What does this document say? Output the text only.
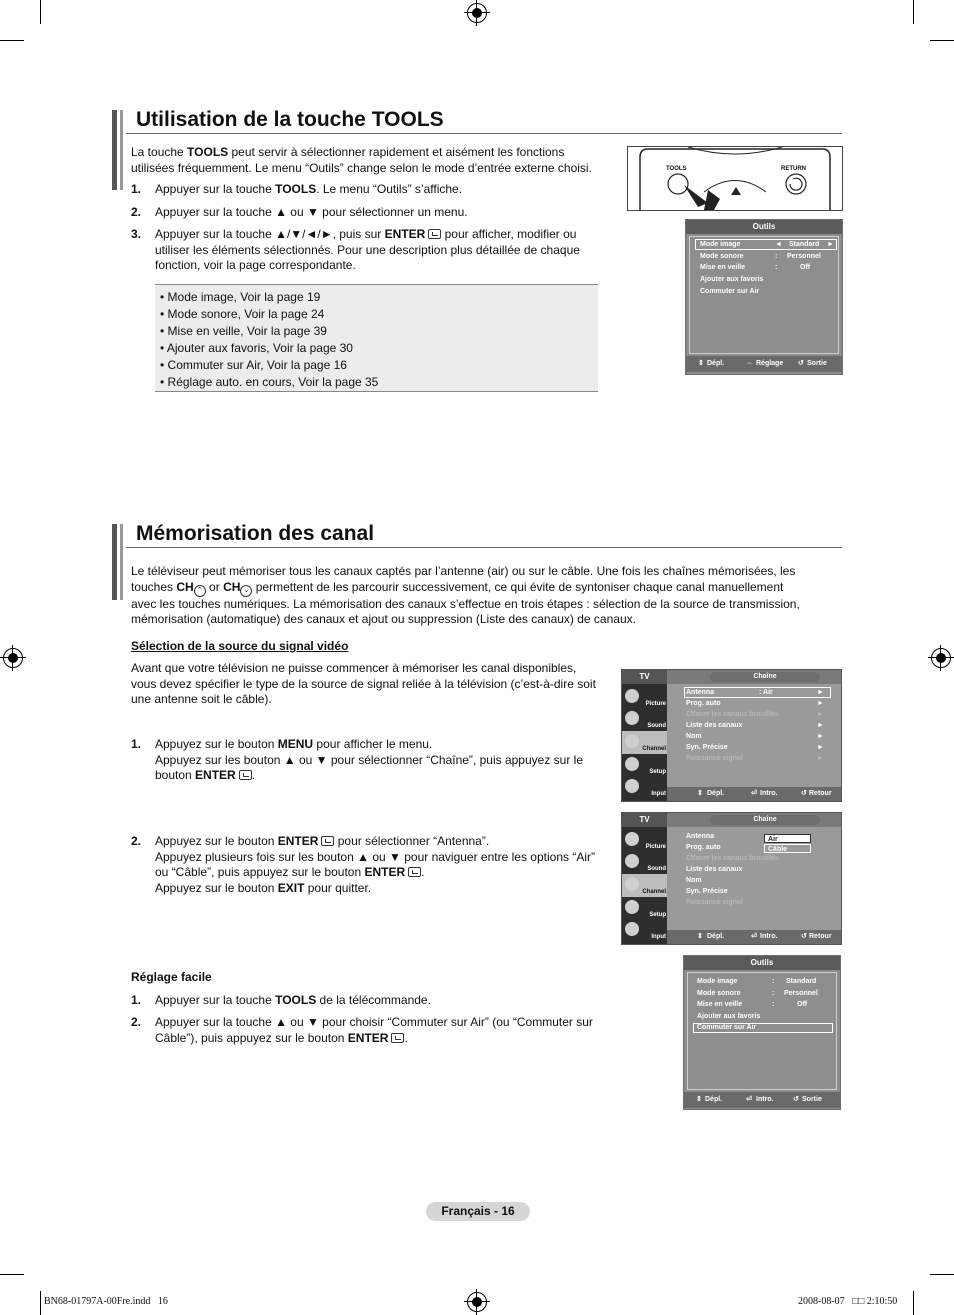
Utilisation de la touche TOOLS
La touche TOOLS peut servir à sélectionner rapidement et aisément les fonctions
utilisées fréquemment. Le menu “Outils” change selon le mode d’entrée externe choisi.
1. Appuyer sur la touche TOOLS. Le menu “Outils” s’affiche.
2. Appuyer sur la touche ▲ ou ▼ pour sélectionner un menu.
3. Appuyer sur la touche ▲/▼/◄/►, puis sur ENTER pour afficher, modifier ou
utiliser les éléments sélectionnés. Pour une description plus détaillée de chaque
fonction, voir la page correspondante.
• Mode image, Voir la page 19
• Mode sonore, Voir la page 24
• Mise en veille, Voir la page 39
• Ajouter aux favoris, Voir la page 30
• Commuter sur Air, Voir la page 16
• Réglage auto. en cours, Voir la page 35
TOOLS	RETURN
Outils
Mode image	◄ Standard ►
Mode sonore	: Personnel
Mise en veille	:	Off
Ajouter aux favoris
Commuter sur Air
⇕ Dépl.	⇔ Réglage ↺ Sortie
Mémorisation des canal
Le téléviseur peut mémoriser tous les canaux captés par l’antenne (air) ou sur le câble. Une fois les chaînes mémorisées, les
touches CH ⌃ or CH ⌄ permettent de les parcourir successivement, ce qui évite de syntoniser chaque canal manuellement
avec les touches numériques. La mémorisation des canaux s’effectue en trois étapes : sélection de la source de transmission,
mémorisation (automatique) des canaux et ajout ou suppression (Liste des canaux) de canaux.
Sélection de la source du signal vidéo
Avant que votre télévision ne puisse commencer à mémoriser les canal disponibles,
vous devez spécifier le type de la source de signal reliée à la télévision (c’est-à-dire soit
une antenne soit le câble).
1. Appuyez sur le bouton MENU pour afficher le menu.
Appuyez sur les bouton ▲ ou ▼ pour sélectionner “Chaîne”, puis appuyez sur le
bouton ENTER .
2. Appuyez sur le bouton ENTER pour sélectionner “Antenna”.
Appuyez plusieurs fois sur les bouton ▲ ou ▼ pour naviguer entre les options “Air”
ou “Câble”, puis appuyez sur le bouton ENTER .
Appuyez sur le bouton EXIT pour quitter.
Réglage facile
1. Appuyer sur la touche TOOLS de la télécommande.
2. Appuyer sur la touche ▲ ou ▼ pour choisir “Commuter sur Air” (ou “Commuter sur
Câble”), puis appuyez sur le bouton ENTER .
TV	Chaîne
Picture
Sound
Channel
Setup
Input
Antenna	: Air	►
Prog. auto	►
Effacer les canaux brouillés	►
Liste des canaux	►
Nom	►
Syn. Précise	►
Puissance signal	►
⇕ Dépl.	⏎ Intro.	↺ Retour
TV	Chaîne
Picture
Sound
Channel
Setup
Input
Antenna
Prog. auto
Effacer les canaux brouillés
Liste des canaux
Nom
Syn. Précise
Puissance signal
Air
Câble
⇕ Dépl.	⏎ Intro.	↺ Retour
Outils
Mode image	: Standard
Mode sonore	: Personnel
Mise en veille	:	Off
Ajouter aux favoris
Commuter sur Air
⇕ Dépl.	⏎ Intro.	↺ Sortie
Français - 16
BN68-01797A-00Fre.indd   16	2008-08-07   □□ 2:10:50
